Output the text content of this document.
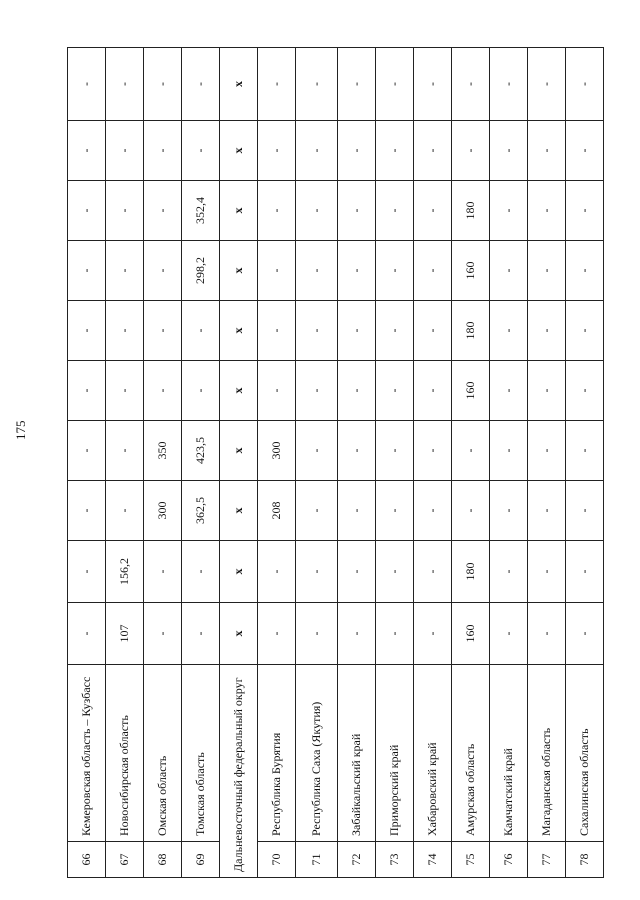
175
66	Кемеровская область – Кузбасс	-	-	-	-	-	-	-	-	-	-
67	Новосибирская область	107	156,2	-	-	-	-	-	-	-	-
68	Омская область	-	-	300	350	-	-	-	-	-	-
69	Томская область	-	-	362,5	423,5	-	-	298,2	352,4	-	-
Дальневосточный федеральный округ		x	x	x	x	x	x	x	x	x	x
70	Республика Бурятия	-	-	208	300	-	-	-	-	-	-
71	Республика Саха (Якутия)	-	-	-	-	-	-	-	-	-	-
72	Забайкальский край	-	-	-	-	-	-	-	-	-	-
73	Приморский край	-	-	-	-	-	-	-	-	-	-
74	Хабаровский край	-	-	-	-	-	-	-	-	-	-
75	Амурская область	160	180	-	-	160	180	160	180	-	-
76	Камчатский край	-	-	-	-	-	-	-	-	-	-
77	Магаданская область	-	-	-	-	-	-	-	-	-	-
78	Сахалинская область	-	-	-	-	-	-	-	-	-	-
